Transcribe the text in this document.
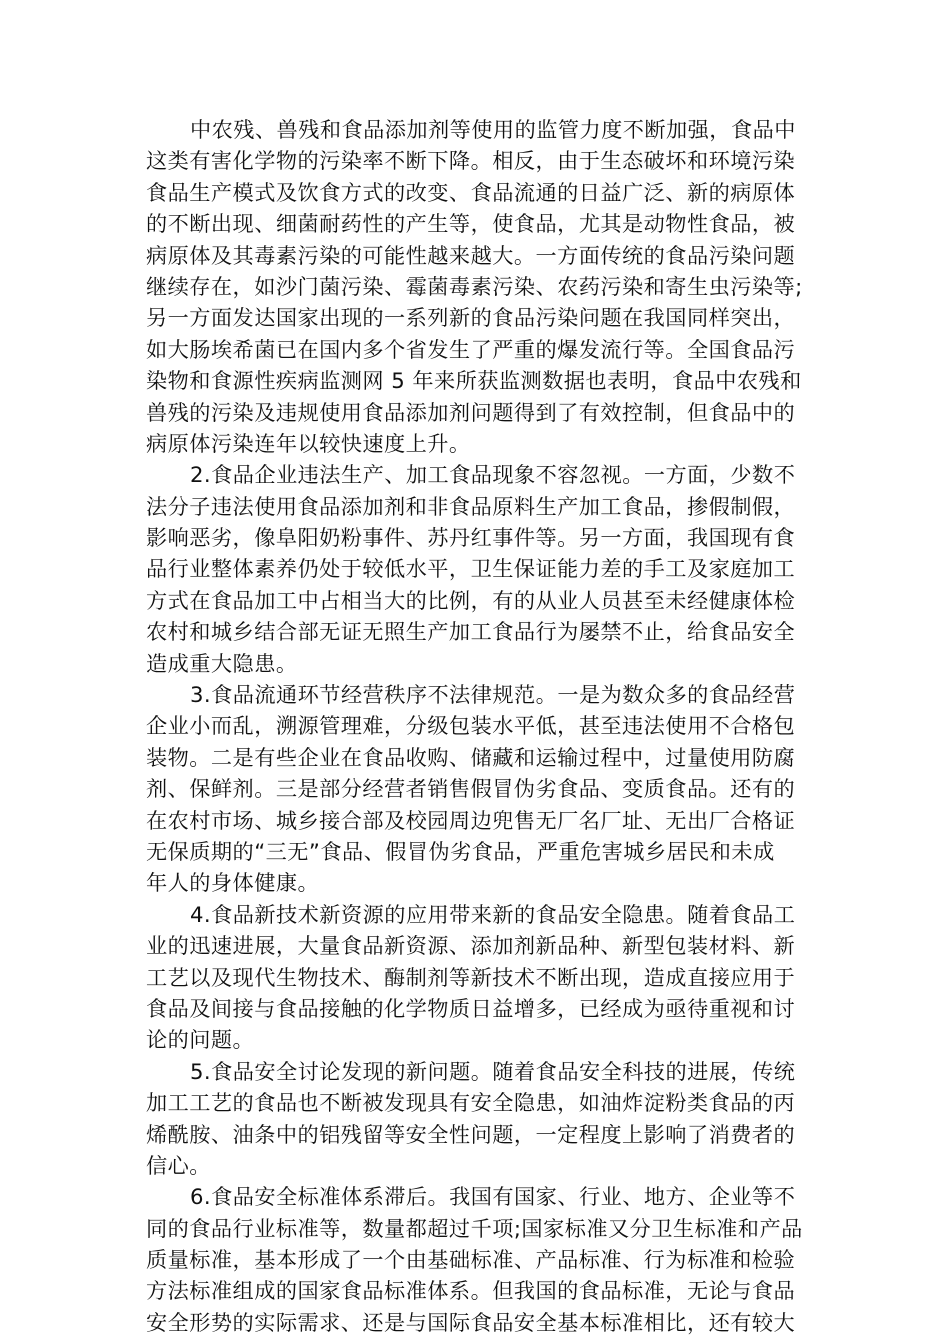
中农残、兽残和食品添加剂等使用的监管力度不断加强，食品中
这类有害化学物的污染率不断下降。相反，由于生态破坏和环境污染
食品生产模式及饮食方式的改变、食品流通的日益广泛、新的病原体
的不断出现、细菌耐药性的产生等，使食品，尤其是动物性食品，被
病原体及其毒素污染的可能性越来越大。一方面传统的食品污染问题
继续存在，如沙门菌污染、霉菌毒素污染、农药污染和寄生虫污染等;
另一方面发达国家出现的一系列新的食品污染问题在我国同样突出，
如大肠埃希菌已在国内多个省发生了严重的爆发流行等。全国食品污
染物和食源性疾病监测网 5 年来所获监测数据也表明，食品中农残和
兽残的污染及违规使用食品添加剂问题得到了有效控制，但食品中的
病原体污染连年以较快速度上升。
2.食品企业违法生产、加工食品现象不容忽视。一方面，少数不
法分子违法使用食品添加剂和非食品原料生产加工食品，掺假制假，
影响恶劣，像阜阳奶粉事件、苏丹红事件等。另一方面，我国现有食
品行业整体素养仍处于较低水平，卫生保证能力差的手工及家庭加工
方式在食品加工中占相当大的比例，有的从业人员甚至未经健康体检
农村和城乡结合部无证无照生产加工食品行为屡禁不止，给食品安全
造成重大隐患。
3.食品流通环节经营秩序不法律规范。一是为数众多的食品经营
企业小而乱，溯源管理难，分级包装水平低，甚至违法使用不合格包
装物。二是有些企业在食品收购、储藏和运输过程中，过量使用防腐
剂、保鲜剂。三是部分经营者销售假冒伪劣食品、变质食品。还有的
在农村市场、城乡接合部及校园周边兜售无厂名厂址、无出厂合格证
无保质期的“三无”食品、假冒伪劣食品，严重危害城乡居民和未成
年人的身体健康。
4.食品新技术新资源的应用带来新的食品安全隐患。随着食品工
业的迅速进展，大量食品新资源、添加剂新品种、新型包装材料、新
工艺以及现代生物技术、酶制剂等新技术不断出现，造成直接应用于
食品及间接与食品接触的化学物质日益增多，已经成为亟待重视和讨
论的问题。
5.食品安全讨论发现的新问题。随着食品安全科技的进展，传统
加工工艺的食品也不断被发现具有安全隐患，如油炸淀粉类食品的丙
烯酰胺、油条中的铝残留等安全性问题，一定程度上影响了消费者的
信心。
6.食品安全标准体系滞后。我国有国家、行业、地方、企业等不
同的食品行业标准等，数量都超过千项;国家标准又分卫生标准和产品
质量标准，基本形成了一个由基础标准、产品标准、行为标准和检验
方法标准组成的国家食品标准体系。但我国的食品标准，无论与食品
安全形势的实际需求、还是与国际食品安全基本标准相比，还有较大
